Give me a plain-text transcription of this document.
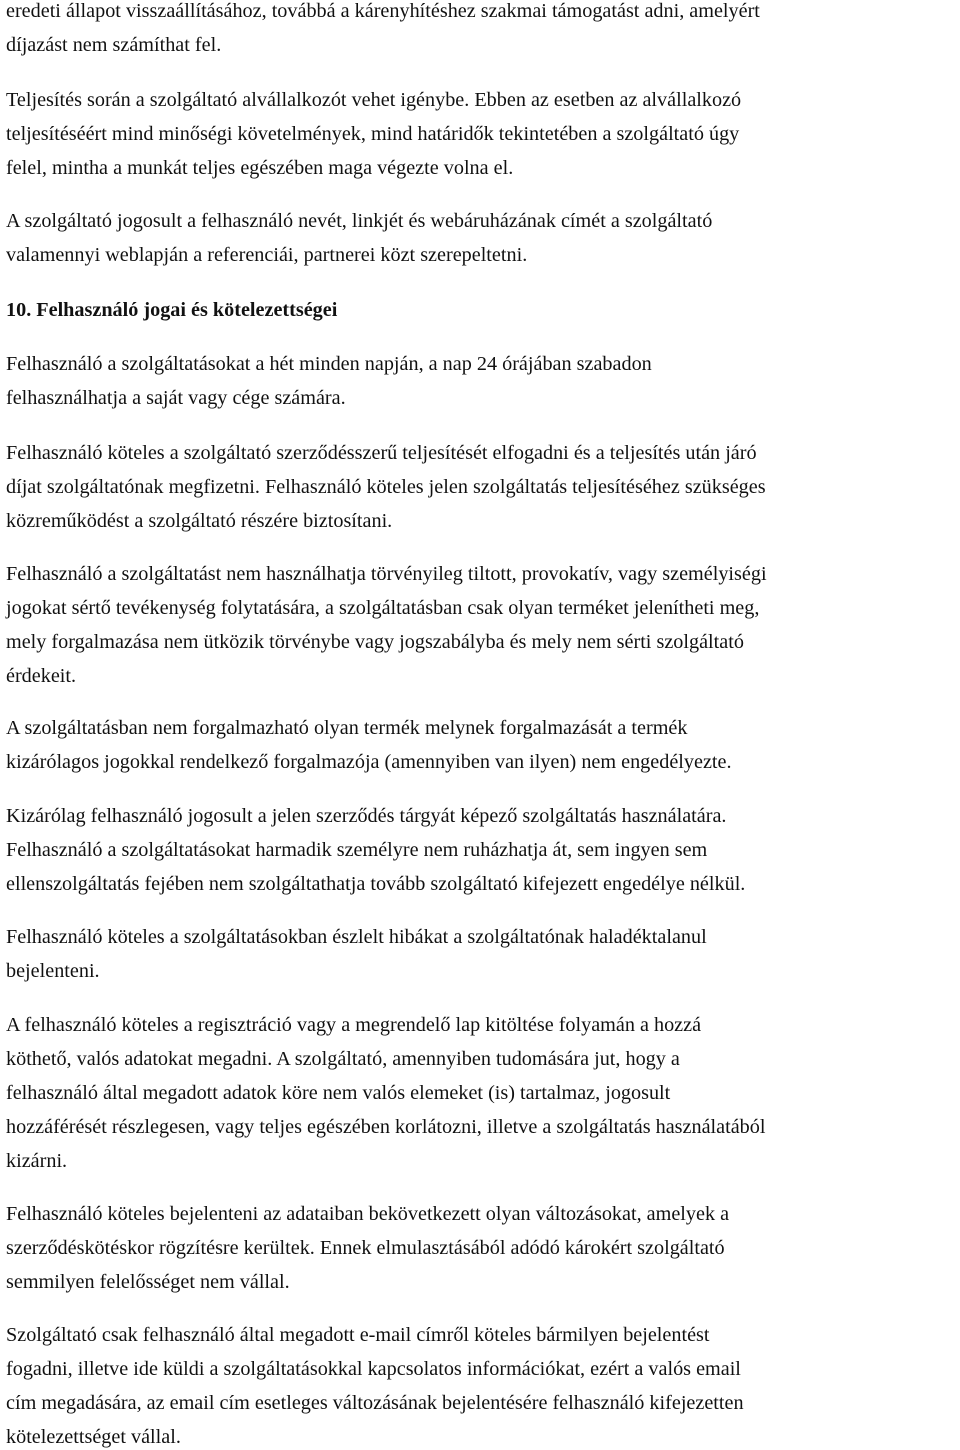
eredeti állapot visszaállításához, továbbá a kárenyhítéshez szakmai támogatást adni, amelyért
díjazást nem számíthat fel.
Teljesítés során a szolgáltató alvállalkozót vehet igénybe. Ebben az esetben az alvállalkozó
teljesítéséért mind minőségi követelmények, mind határidők tekintetében a szolgáltató úgy
felel, mintha a munkát teljes egészében maga végezte volna el.
A szolgáltató jogosult a felhasználó nevét, linkjét és webáruházának címét a szolgáltató
valamennyi weblapján a referenciái, partnerei közt szerepeltetni.
10. Felhasználó jogai és kötelezettségei
Felhasználó a szolgáltatásokat a hét minden napján, a nap 24 órájában szabadon
felhasználhatja a saját vagy cége számára.
Felhasználó köteles a szolgáltató szerződésszerű teljesítését elfogadni és a teljesítés után járó
díjat szolgáltatónak megfizetni. Felhasználó köteles jelen szolgáltatás teljesítéséhez szükséges
közreműködést a szolgáltató részére biztosítani.
Felhasználó a szolgáltatást nem használhatja törvényileg tiltott, provokatív, vagy személyiségi
jogokat sértő tevékenység folytatására, a szolgáltatásban csak olyan terméket jelenítheti meg,
mely forgalmazása nem ütközik törvénybe vagy jogszabályba és mely nem sérti szolgáltató
érdekeit.
A szolgáltatásban nem forgalmazható olyan termék melynek forgalmazását a termék
kizárólagos jogokkal rendelkező forgalmazója (amennyiben van ilyen) nem engedélyezte.
Kizárólag felhasználó jogosult a jelen szerződés tárgyát képező szolgáltatás használatára.
Felhasználó a szolgáltatásokat harmadik személyre nem ruházhatja át, sem ingyen sem
ellenszolgáltatás fejében nem szolgáltathatja tovább szolgáltató kifejezett engedélye nélkül.
Felhasználó köteles a szolgáltatásokban észlelt hibákat a szolgáltatónak haladéktalanul
bejelenteni.
A felhasználó köteles a regisztráció vagy a megrendelő lap kitöltése folyamán a hozzá
köthető, valós adatokat megadni. A szolgáltató, amennyiben tudomására jut, hogy a
felhasználó által megadott adatok köre nem valós elemeket (is) tartalmaz, jogosult
hozzáférését részlegesen, vagy teljes egészében korlátozni, illetve a szolgáltatás használatából
kizárni.
Felhasználó köteles bejelenteni az adataiban bekövetkezett olyan változásokat, amelyek a
szerződéskötéskor rögzítésre kerültek. Ennek elmulasztásából adódó károkért szolgáltató
semmilyen felelősséget nem vállal.
Szolgáltató csak felhasználó által megadott e-mail címről köteles bármilyen bejelentést
fogadni, illetve ide küldi a szolgáltatásokkal kapcsolatos információkat, ezért a valós email
cím megadására, az email cím esetleges változásának bejelentésére felhasználó kifejezetten
kötelezettséget vállal.
